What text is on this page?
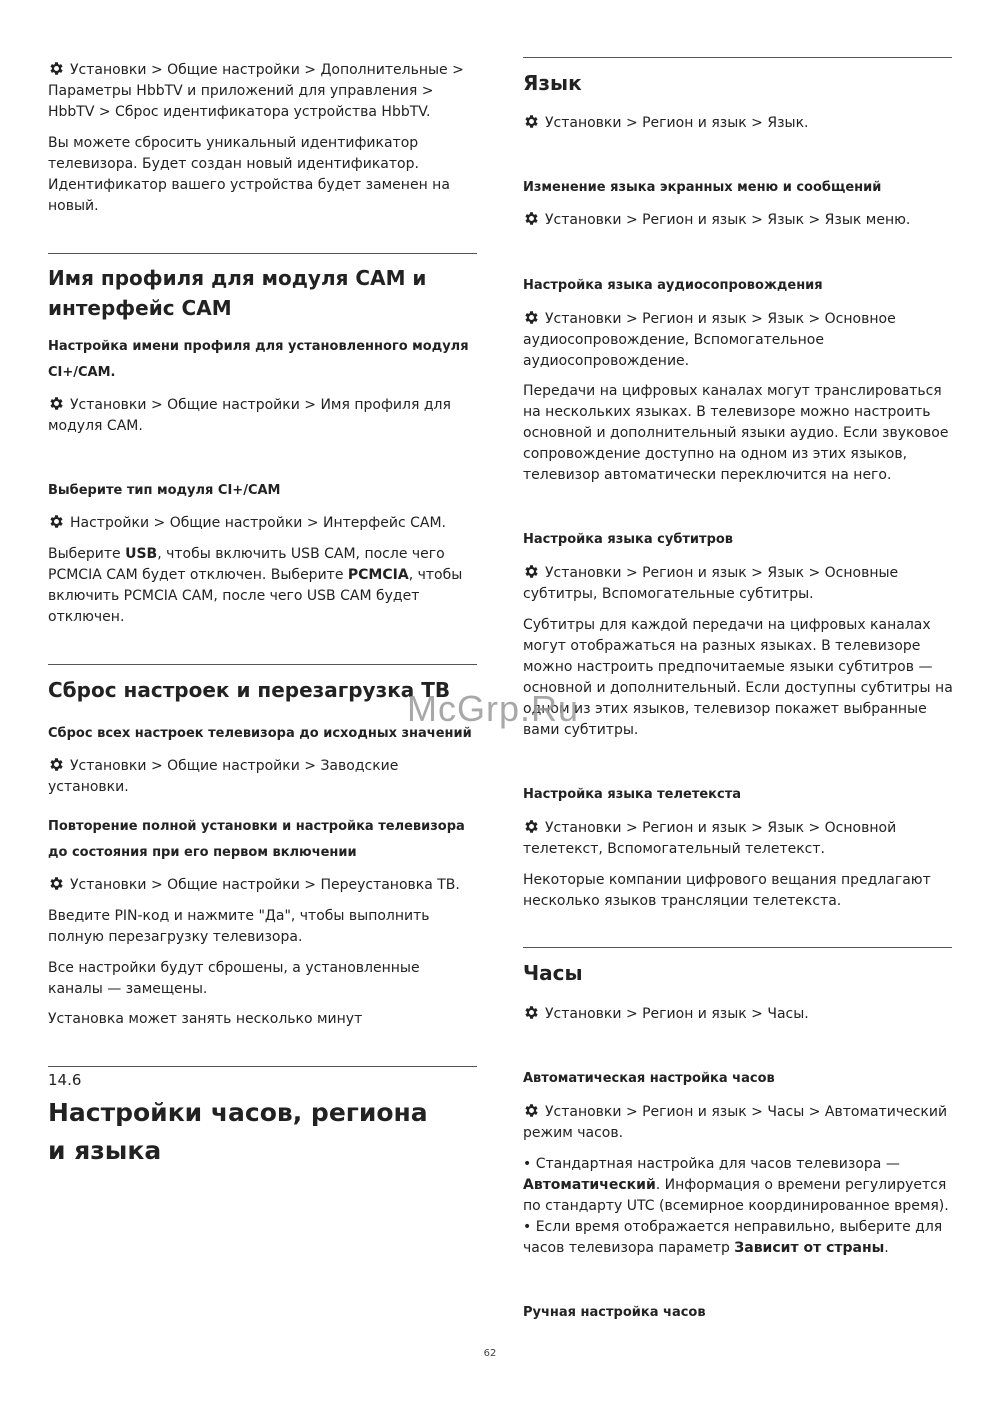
Установки > Общие настройки > Дополнительные > Параметры HbbTV и приложений для управления > HbbTV > Сброс идентификатора устройства HbbTV.

Вы можете сбросить уникальный идентификатор телевизора. Будет создан новый идентификатор. Идентификатор вашего устройства будет заменен на новый.

Имя профиля для модуля CAM и интерфейс CAM
Настройка имени профиля для установленного модуля CI+/CAM.

Установки > Общие настройки > Имя профиля для модуля CAM.

Выберите тип модуля CI+/CAM

Настройки > Общие настройки > Интерфейс CAM.

Выберите USB, чтобы включить USB CAM, после чего PCMCIA CAM будет отключен. Выберите PCMCIA, чтобы включить PCMCIA CAM, после чего USB CAM будет отключен.

Сброс настроек и перезагрузка ТВ
Сброс всех настроек телевизора до исходных значений

Установки > Общие настройки > Заводские установки.

Повторение полной установки и настройка телевизора до состояния при его первом включении

Установки > Общие настройки > Переустановка ТВ.

Введите PIN-код и нажмите "Да", чтобы выполнить полную перезагрузку телевизора.

Все настройки будут сброшены, а установленные каналы — замещены.

Установка может занять несколько минут

14.6

Настройки часов, региона и языка
Язык

Установки > Регион и язык > Язык.

Изменение языка экранных меню и сообщений

Установки > Регион и язык > Язык > Язык меню.

Настройка языка аудиосопровождения

Установки > Регион и язык > Язык > Основное аудиосопровождение, Вспомогательное аудиосопровождение.

Передачи на цифровых каналах могут транслироваться на нескольких языках. В телевизоре можно настроить основной и дополнительный языки аудио. Если звуковое сопровождение доступно на одном из этих языков, телевизор автоматически переключится на него.

Настройка языка субтитров

Установки > Регион и язык > Язык > Основные субтитры, Вспомогательные субтитры.

Субтитры для каждой передачи на цифровых каналах могут отображаться на разных языках. В телевизоре можно настроить предпочитаемые языки субтитров — основной и дополнительный. Если доступны субтитры на одном из этих языков, телевизор покажет выбранные вами субтитры.

Настройка языка телетекста

Установки > Регион и язык > Язык > Основной телетекст, Вспомогательный телетекст.

Некоторые компании цифрового вещания предлагают несколько языков трансляции телетекста.

Часы

Установки > Регион и язык > Часы.

Автоматическая настройка часов

Установки > Регион и язык > Часы > Автоматический режим часов.

• Стандартная настройка для часов телевизора — Автоматический. Информация о времени регулируется по стандарту UTC (всемирное координированное время).

• Если время отображается неправильно, выберите для часов телевизора параметр Зависит от страны.

Ручная настройка часов
McGrp.Ru
62
